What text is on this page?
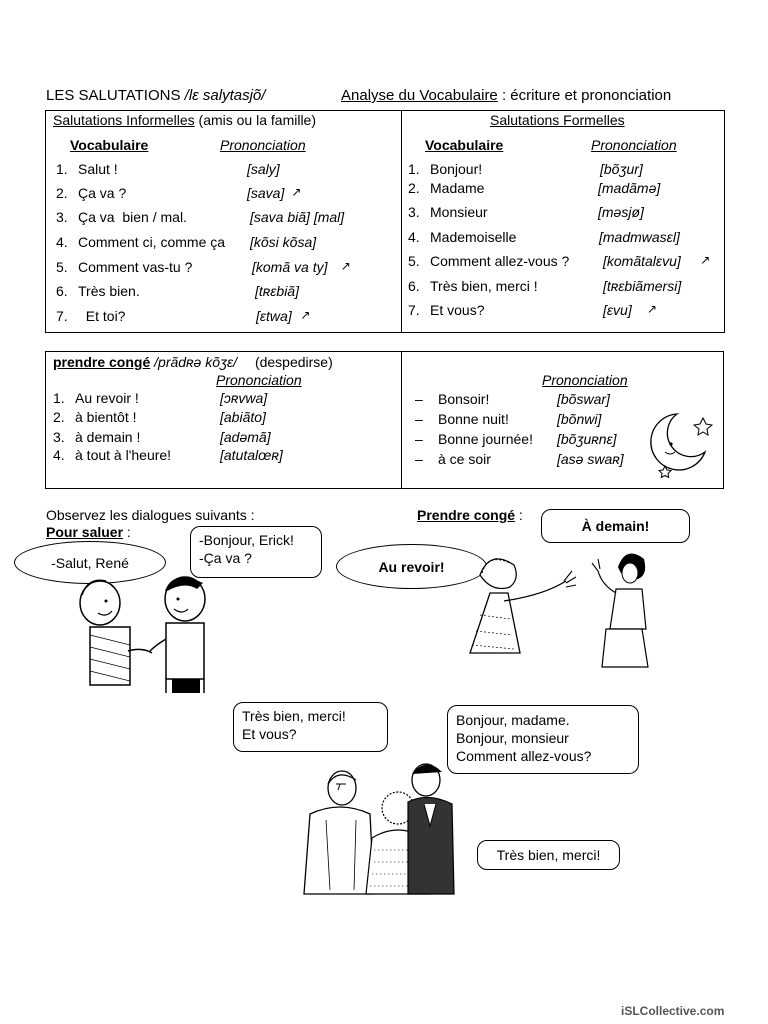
LES SALUTATIONS /lɛ salytasjõ/	Analyse du Vocabulaire : écriture et prononciation
Salutations Informelles (amis ou la famille)
Vocabulaire	Prononciation
1. Salut !	[saly]
2. Ça va ?	[sava] ↗
3. Ça va  bien / mal.	[sava biã] [mal]
4. Comment ci, comme ça [kõsi kõsa]
5. Comment vas-tu ?	[komã va ty] ↗
6. Très bien.	[tʀɛbiã]
7. Et toi?	[ɛtwa] ↗
Salutations Formelles
Vocabulaire	Prononciation
1. Bonjour!	[bõʒur]
2. Madame	[madãmə]
3. Monsieur	[məsjø]
4. Mademoiselle	[madmwasɛl]
5. Comment allez-vous ? [komãtalɛvu] ↗
6. Très bien, merci !	[tʀɛbiãmersi]
7. Et vous?	[ɛvu] ↗
prendre congé /prãdʀə kõʒɛ/ (despedirse)
Prononciation
1. Au revoir !	[ɔʀvwa]
2. à bientôt !	[abiãto]
3. à demain !	[adəmã]
4. à tout à l'heure!	[atutalœʀ]
Prononciation
– Bonsoir!	[bõswar]
– Bonne nuit!	[bõnwi]
– Bonne journée! [bõʒuʀnɛ]
– à ce soir	[asə swaʀ]
Observez les dialogues suivants :
Pour saluer :
Prendre congé :
-Salut, René
-Bonjour, Erick!
-Ça va ?
Au revoir!
À demain!
Très bien, merci!
Et vous?
Bonjour, madame.
Bonjour, monsieur
Comment allez-vous?
Très bien, merci!
iSLCollective.com
